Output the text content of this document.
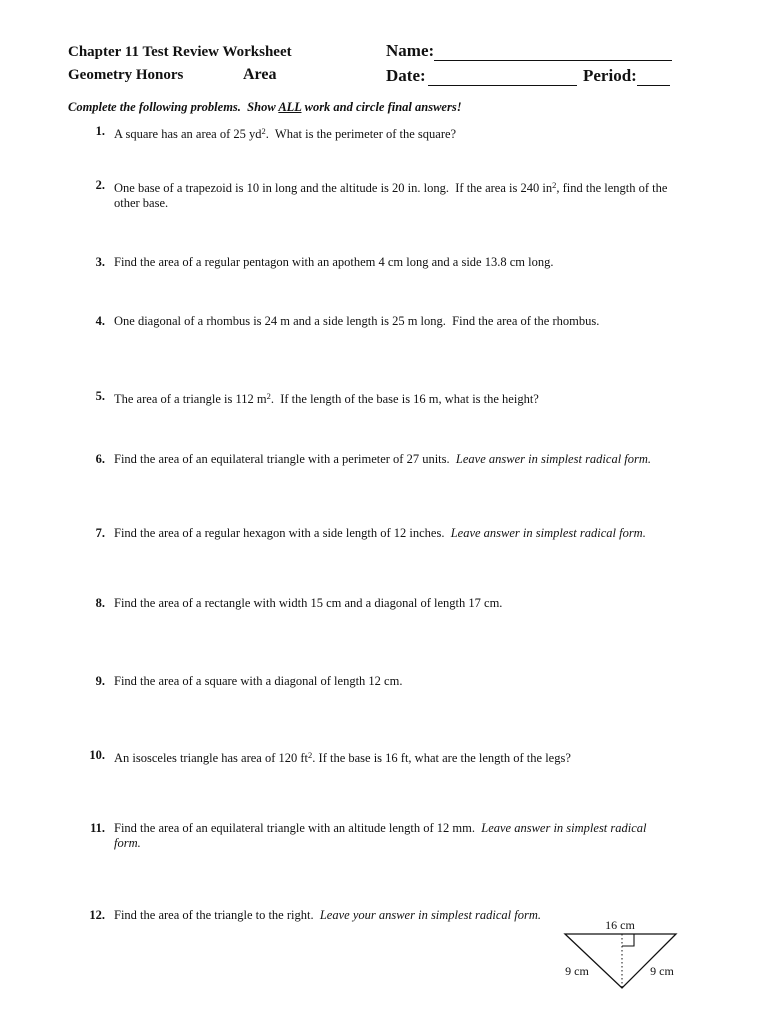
Chapter 11 Test Review Worksheet
Geometry Honors	Area
Name:
Date:	Period:
Complete the following problems.  Show ALL work and circle final answers!
1. A square has an area of 25 $yd^2$.  What is the perimeter of the square?
2. One base of a trapezoid is 10 in long and the altitude is 20 in. long.  If the area is 240 $in^2$, find the length of the
other base.
3. Find the area of a regular pentagon with an apothem 4 cm long and a side 13.8 cm long.
4. One diagonal of a rhombus is 24 m and a side length is 25 m long.  Find the area of the rhombus.
5. The area of a triangle is 112 $m^2$.  If the length of the base is 16 m, what is the height?
6. Find the area of an equilateral triangle with a perimeter of 27 units.  Leave answer in simplest radical form.
7. Find the area of a regular hexagon with a side length of 12 inches.  Leave answer in simplest radical form.
8. Find the area of a rectangle with width 15 cm and a diagonal of length 17 cm.
9. Find the area of a square with a diagonal of length 12 cm.
10. An isosceles triangle has area of 120 $ft^2$. If the base is 16 ft, what are the length of the legs?
11. Find the area of an equilateral triangle with an altitude length of 12 mm.  Leave answer in simplest radical
form.
12. Find the area of the triangle to the right.  Leave your answer in simplest radical form.
16 cm
9 cm	9 cm
